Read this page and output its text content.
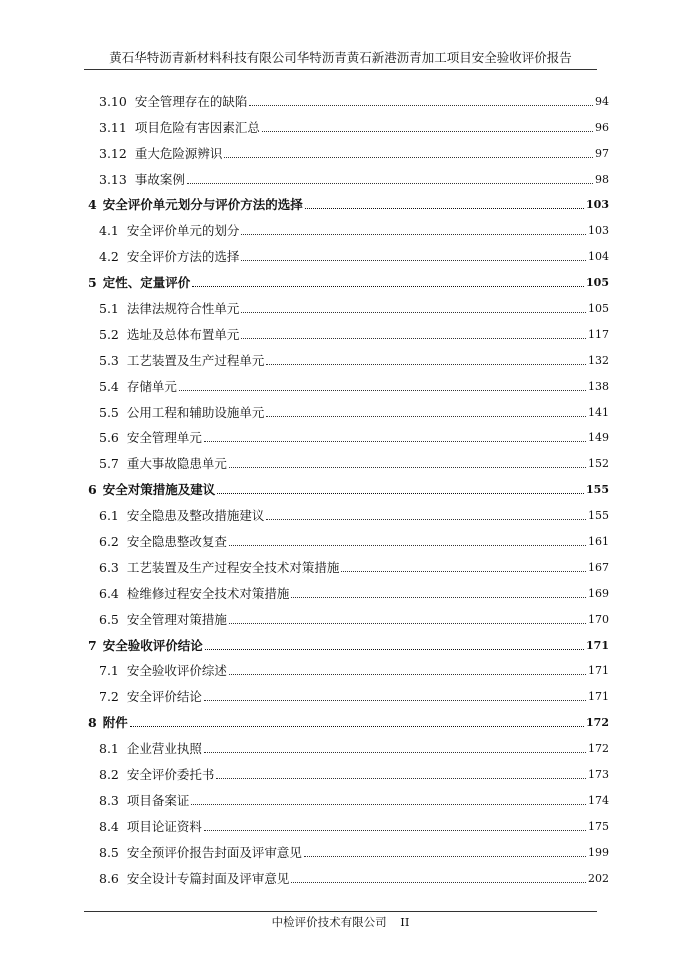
黄石华特沥青新材料科技有限公司华特沥青黄石新港沥青加工项目安全验收评价报告
3.10 安全管理存在的缺陷	94
3.11 项目危险有害因素汇总	96
3.12 重大危险源辨识	97
3.13 事故案例	98
4 安全评价单元划分与评价方法的选择	103
4.1 安全评价单元的划分	103
4.2 安全评价方法的选择	104
5 定性、定量评价	105
5.1 法律法规符合性单元	105
5.2 选址及总体布置单元	117
5.3 工艺装置及生产过程单元	132
5.4 存储单元	138
5.5 公用工程和辅助设施单元	141
5.6 安全管理单元	149
5.7 重大事故隐患单元	152
6 安全对策措施及建议	155
6.1 安全隐患及整改措施建议	155
6.2 安全隐患整改复查	161
6.3 工艺装置及生产过程安全技术对策措施	167
6.4 检维修过程安全技术对策措施	169
6.5 安全管理对策措施	170
7 安全验收评价结论	171
7.1 安全验收评价综述	171
7.2 安全评价结论	171
8 附件	172
8.1 企业营业执照	172
8.2 安全评价委托书	173
8.3 项目备案证	174
8.4 项目论证资料	175
8.5 安全预评价报告封面及评审意见	199
8.6 安全设计专篇封面及评审意见	202
中检评价技术有限公司 II
